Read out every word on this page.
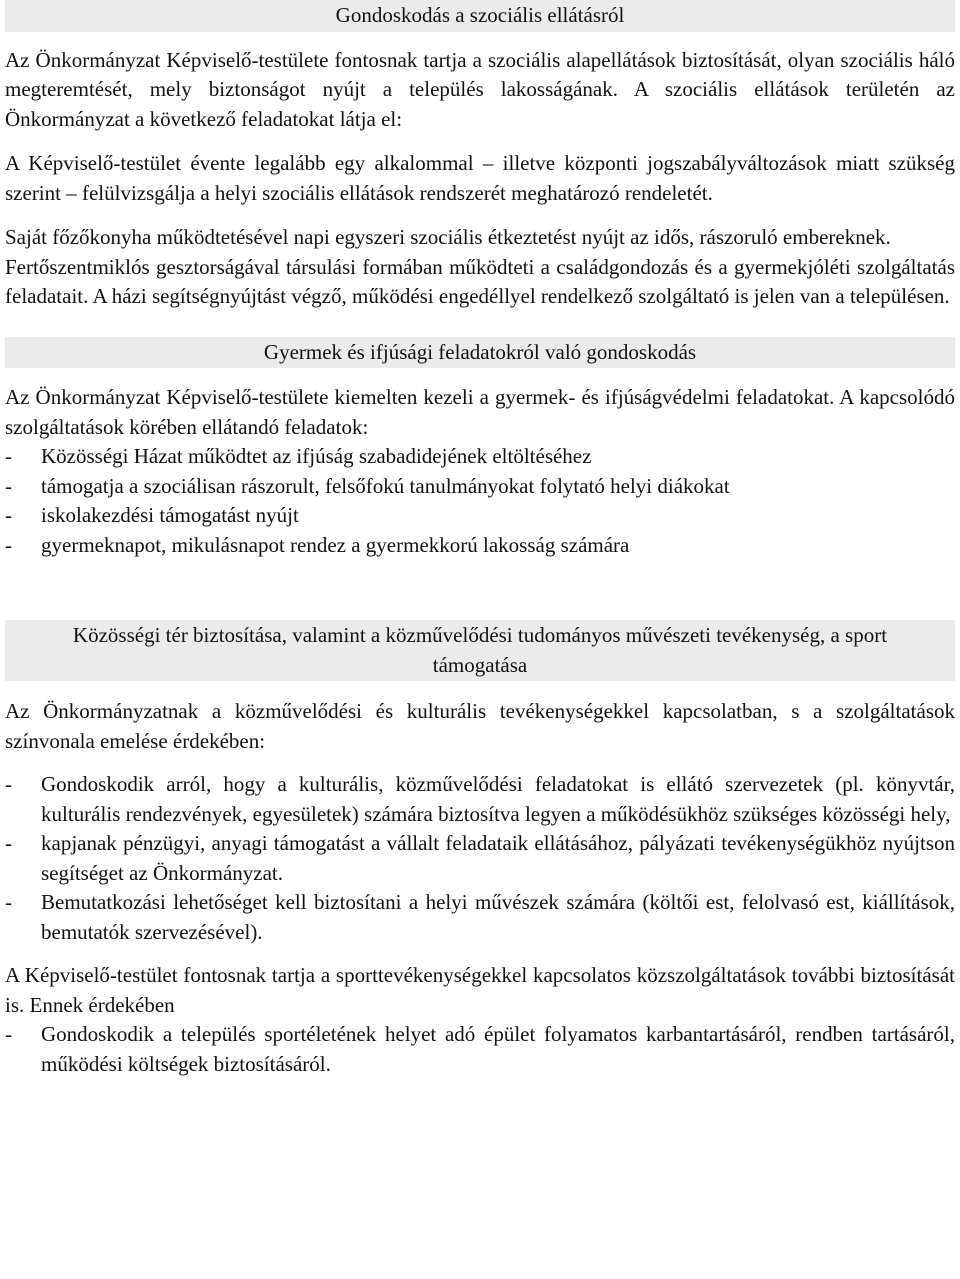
Gondoskodás a szociális ellátásról

Az Önkormányzat Képviselő-testülete fontosnak tartja a szociális alapellátások biztosítását, olyan szociális háló megteremtését, mely biztonságot nyújt a település lakosságának. A szociális ellátások területén az Önkormányzat a következő feladatokat látja el:

A Képviselő-testület évente legalább egy alkalommal – illetve központi jogszabályváltozások miatt szükség szerint – felülvizsgálja a helyi szociális ellátások rendszerét meghatározó rendeletét.

Saját főzőkonyha működtetésével napi egyszeri szociális étkeztetést nyújt az idős, rászoruló embereknek.

Fertőszentmiklós gesztorságával társulási formában működteti a családgondozás és a gyermekjóléti szolgáltatás feladatait. A házi segítségnyújtást végző, működési engedéllyel rendelkező szolgáltató is jelen van a településen.

Gyermek és ifjúsági feladatokról való gondoskodás

Az Önkormányzat Képviselő-testülete kiemelten kezeli a gyermek- és ifjúságvédelmi feladatokat. A kapcsolódó szolgáltatások körében ellátandó feladatok:

-	Közösségi Házat működtet az ifjúság szabadidejének eltöltéséhez
-	támogatja a szociálisan rászorult, felsőfokú tanulmányokat folytató helyi diákokat
-	iskolakezdési támogatást nyújt
-	gyermeknapot, mikulásnapot rendez a gyermekkorú lakosság számára
Közösségi tér biztosítása, valamint a közművelődési tudományos művészeti tevékenység, a sport támogatása

Az Önkormányzatnak a közművelődési és kulturális tevékenységekkel kapcsolatban, s a szolgáltatások színvonala emelése érdekében:

-	Gondoskodik arról, hogy a kulturális, közművelődési feladatokat is ellátó szervezetek (pl. könyvtár, kulturális rendezvények, egyesületek) számára biztosítva legyen a működésükhöz szükséges közösségi hely,
-	kapjanak pénzügyi, anyagi támogatást a vállalt feladataik ellátásához, pályázati tevékenységükhöz nyújtson segítséget az Önkormányzat.
-	Bemutatkozási lehetőséget kell biztosítani a helyi művészek számára (költői est, felolvasó est, kiállítások, bemutatók szervezésével).

A Képviselő-testület fontosnak tartja a sporttevékenységekkel kapcsolatos közszolgáltatások további biztosítását is. Ennek érdekében

-	Gondoskodik a település sportéletének helyet adó épület folyamatos karbantartásáról, rendben tartásáról, működési költségek biztosításáról.
